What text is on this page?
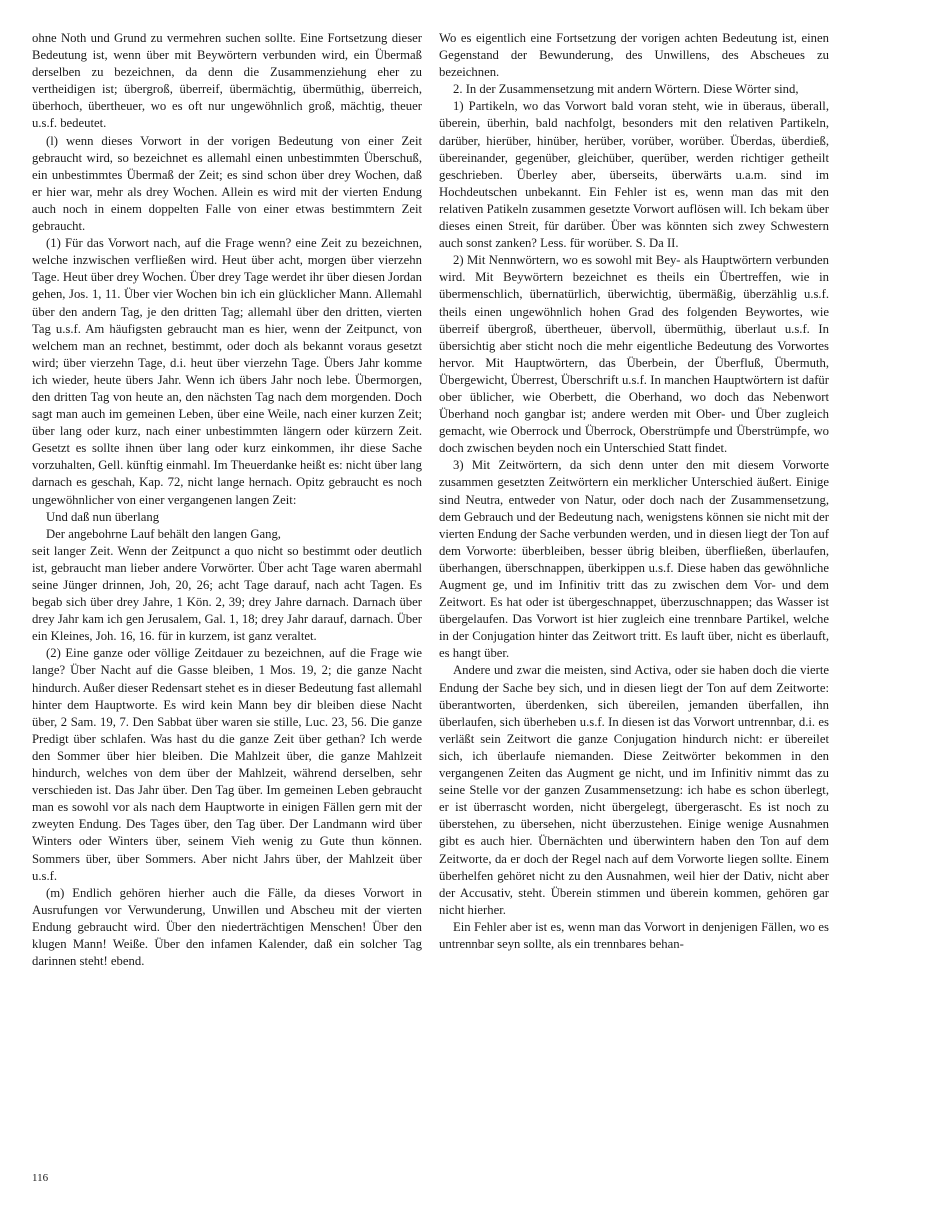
ohne Noth und Grund zu vermehren suchen sollte. Eine Fortsetzung dieser Bedeutung ist, wenn über mit Beywörtern verbunden wird, ein Übermaß derselben zu bezeichnen, da denn die Zusammenziehung eher zu vertheidigen ist; übergroß, überreif, übermächtig, übermüthig, überreich, überhoch, übertheuer, wo es oft nur ungewöhnlich groß, mächtig, theuer u.s.f. bedeutet.

(l) wenn dieses Vorwort in der vorigen Bedeutung von einer Zeit gebraucht wird, so bezeichnet es allemahl einen unbestimmten Überschuß, ein unbestimmtes Übermaß der Zeit; es sind schon über drey Wochen, daß er hier war, mehr als drey Wochen. Allein es wird mit der vierten Endung auch noch in einem doppelten Falle von einer etwas bestimmtern Zeit gebraucht.

(1) Für das Vorwort nach, auf die Frage wenn? eine Zeit zu bezeichnen, welche inzwischen verfließen wird. Heut über acht, morgen über vierzehn Tage. Heut über drey Wochen. Über drey Tage werdet ihr über diesen Jordan gehen, Jos. 1, 11. Über vier Wochen bin ich ein glücklicher Mann. Allemahl über den andern Tag, je den dritten Tag; allemahl über den dritten, vierten Tag u.s.f. Am häufigsten gebraucht man es hier, wenn der Zeitpunct, von welchem man an rechnet, bestimmt, oder doch als bekannt voraus gesetzt wird; über vierzehn Tage, d.i. heut über vierzehn Tage. Übers Jahr komme ich wieder, heute übers Jahr. Wenn ich übers Jahr noch lebe. Übermorgen, den dritten Tag von heute an, den nächsten Tag nach dem morgenden. Doch sagt man auch im gemeinen Leben, über eine Weile, nach einer kurzen Zeit; über lang oder kurz, nach einer unbestimmten längern oder kürzern Zeit. Gesetzt es sollte ihnen über lang oder kurz einkommen, ihr diese Sache vorzuhalten, Gell. künftig einmahl. Im Theuerdanke heißt es: nicht über lang darnach es geschah, Kap. 72, nicht lange hernach. Opitz gebraucht es noch ungewöhnlicher von einer vergangenen langen Zeit:

Und daß nun überlang

Der angebohrne Lauf behält den langen Gang,

seit langer Zeit. Wenn der Zeitpunct a quo nicht so bestimmt oder deutlich ist, gebraucht man lieber andere Vorwörter. Über acht Tage waren abermahl seine Jünger drinnen, Joh, 20, 26; acht Tage darauf, nach acht Tagen. Es begab sich über drey Jahre, 1 Kön. 2, 39; drey Jahre darnach. Darnach über drey Jahr kam ich gen Jerusalem, Gal. 1, 18; drey Jahr darauf, darnach. Über ein Kleines, Joh. 16, 16. für in kurzem, ist ganz veraltet.

(2) Eine ganze oder völlige Zeitdauer zu bezeichnen, auf die Frage wie lange? Über Nacht auf die Gasse bleiben, 1 Mos. 19, 2; die ganze Nacht hindurch. Außer dieser Redensart stehet es in dieser Bedeutung fast allemahl hinter dem Hauptworte. Es wird kein Mann bey dir bleiben diese Nacht über, 2 Sam. 19, 7. Den Sabbat über waren sie stille, Luc. 23, 56. Die ganze Predigt über schlafen. Was hast du die ganze Zeit über gethan? Ich werde den Sommer über hier bleiben. Die Mahlzeit über, die ganze Mahlzeit hindurch, welches von dem über der Mahlzeit, während derselben, sehr verschieden ist. Das Jahr über. Den Tag über. Im gemeinen Leben gebraucht man es sowohl vor als nach dem Hauptworte in einigen Fällen gern mit der zweyten Endung. Des Tages über, den Tag über. Der Landmann wird über Winters oder Winters über, seinem Vieh wenig zu Gute thun können. Sommers über, über Sommers. Aber nicht Jahrs über, der Mahlzeit über u.s.f.

(m) Endlich gehören hierher auch die Fälle, da dieses Vorwort in Ausrufungen vor Verwunderung, Unwillen und Abscheu mit der vierten Endung gebraucht wird. Über den niederträchtigen Menschen! Über den klugen Mann! Weiße. Über den infamen Kalender, daß ein solcher Tag darinnen steht! ebend.

Wo es eigentlich eine Fortsetzung der vorigen achten Bedeutung ist, einen Gegenstand der Bewunderung, des Unwillens, des Abscheues zu bezeichnen.

2. In der Zusammensetzung mit andern Wörtern. Diese Wörter sind,

1) Partikeln, wo das Vorwort bald voran steht, wie in überaus, überall, überein, überhin, bald nachfolgt, besonders mit den relativen Partikeln, darüber, hierüber, hinüber, herüber, vorüber, worüber. Überdas, überdieß, übereinander, gegenüber, gleichüber, querüber, werden richtiger getheilt geschrieben. Überley aber, überseits, überwärts u.a.m. sind im Hochdeutschen unbekannt. Ein Fehler ist es, wenn man das mit den relativen Patikeln zusammen gesetzte Vorwort auflösen will. Ich bekam über dieses einen Streit, für darüber. Über was könnten sich zwey Schwestern auch sonst zanken? Less. für worüber. S. Da II.

2) Mit Nennwörtern, wo es sowohl mit Bey- als Hauptwörtern verbunden wird. Mit Beywörtern bezeichnet es theils ein Übertreffen, wie in übermenschlich, übernatürlich, überwichtig, übermäßig, überzählig u.s.f. theils einen ungewöhnlich hohen Grad des folgenden Beywortes, wie überreif übergroß, übertheuer, übervoll, übermüthig, überlaut u.s.f. In übersichtig aber sticht noch die mehr eigentliche Bedeutung des Vorwortes hervor. Mit Hauptwörtern, das Überbein, der Überfluß, Übermuth, Übergewicht, Überrest, Überschrift u.s.f. In manchen Hauptwörtern ist dafür ober üblicher, wie Oberbett, die Oberhand, wo doch das Nebenwort Überhand noch gangbar ist; andere werden mit Ober- und Über zugleich gemacht, wie Oberrock und Überrock, Oberstrümpfe und Überstrümpfe, wo doch zwischen beyden noch ein Unterschied Statt findet.

3) Mit Zeitwörtern, da sich denn unter den mit diesem Vorworte zusammen gesetzten Zeitwörtern ein merklicher Unterschied äußert. Einige sind Neutra, entweder von Natur, oder doch nach der Zusammensetzung, dem Gebrauch und der Bedeutung nach, wenigstens können sie nicht mit der vierten Endung der Sache verbunden werden, und in diesen liegt der Ton auf dem Vorworte: überbleiben, besser übrig bleiben, überfließen, überlaufen, überhangen, überschnappen, überkippen u.s.f. Diese haben das gewöhnliche Augment ge, und im Infinitiv tritt das zu zwischen dem Vor- und dem Zeitwort. Es hat oder ist übergeschnappet, überzuschnappen; das Wasser ist übergelaufen. Das Vorwort ist hier zugleich eine trennbare Partikel, welche in der Conjugation hinter das Zeitwort tritt. Es lauft über, nicht es überlauft, es hangt über.

Andere und zwar die meisten, sind Activa, oder sie haben doch die vierte Endung der Sache bey sich, und in diesen liegt der Ton auf dem Zeitworte: überantworten, überdenken, sich übereilen, jemanden überfallen, ihn überlaufen, sich überheben u.s.f. In diesen ist das Vorwort untrennbar, d.i. es verläßt sein Zeitwort die ganze Conjugation hindurch nicht: er übereilet sich, ich überlaufe niemanden. Diese Zeitwörter bekommen in den vergangenen Zeiten das Augment ge nicht, und im Infinitiv nimmt das zu seine Stelle vor der ganzen Zusammensetzung: ich habe es schon überlegt, er ist überrascht worden, nicht übergelegt, übergerascht. Es ist noch zu überstehen, zu übersehen, nicht überzustehen. Einige wenige Ausnahmen gibt es auch hier. Übernächten und überwintern haben den Ton auf dem Zeitworte, da er doch der Regel nach auf dem Vorworte liegen sollte. Einem überhelfen gehöret nicht zu den Ausnahmen, weil hier der Dativ, nicht aber der Accusativ, steht. Überein stimmen und überein kommen, gehören gar nicht hierher.

Ein Fehler aber ist es, wenn man das Vorwort in denjenigen Fällen, wo es untrennbar seyn sollte, als ein trennbares behan-

116
